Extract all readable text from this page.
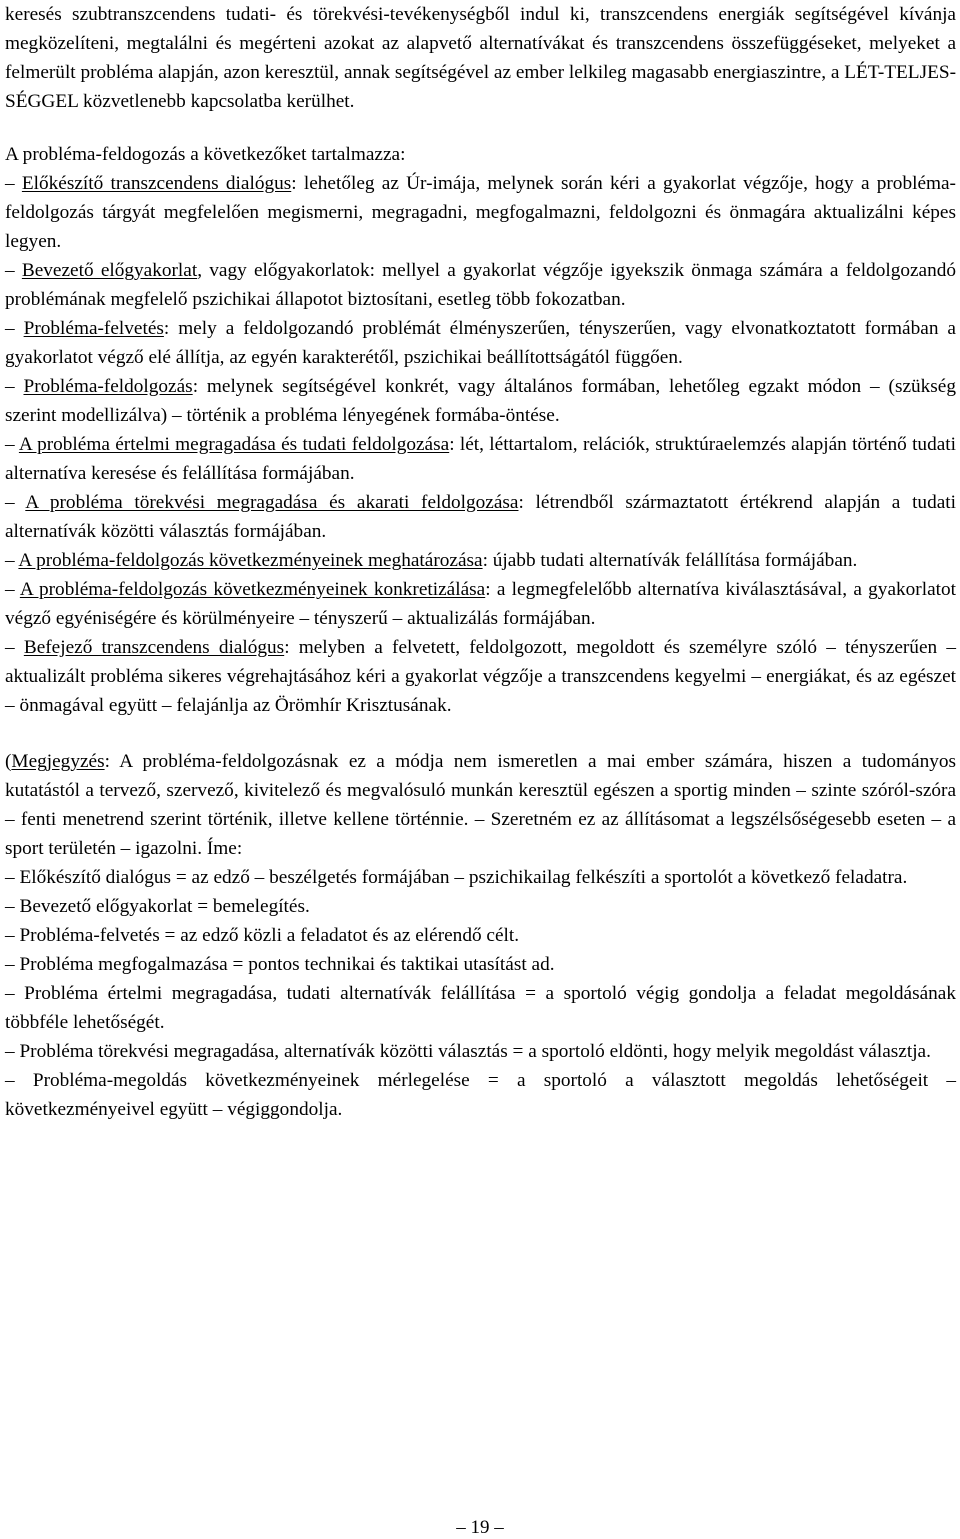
keresés szubtranszcendens tudati- és törekvési-tevékenységből indul ki, transzcendens energiák segítségével kívánja megközelíteni, megtalálni és megérteni azokat az alapvető alternatívákat és transzcendens összefüggéseket, melyeket a felmerült probléma alapján, azon keresztül, annak segítségével az ember lelkileg magasabb energiaszintre, a LÉT-TELJES-SÉGGEL közvetlenebb kapcsolatba kerülhet.

A probléma-feldogozás a következőket tartalmazza:

– Előkészítő transzcendens dialógus: lehetőleg az Úr-imája, melynek során kéri a gyakorlat végzője, hogy a probléma-feldolgozás tárgyát megfelelően megismerni, megragadni, megfogalmazni, feldolgozni és önmagára aktualizálni képes legyen.

– Bevezető előgyakorlat, vagy előgyakorlatok: mellyel a gyakorlat végzője igyekszik önmaga számára a feldolgozandó problémának megfelelő pszichikai állapotot biztosítani, esetleg több fokozatban.

– Probléma-felvetés: mely a feldolgozandó problémát élményszerűen, tényszerűen, vagy elvonatkoztatott formában a gyakorlatot végző elé állítja, az egyén karakterétől, pszichikai beállítottságától függően.

– Probléma-feldolgozás: melynek segítségével konkrét, vagy általános formában, lehetőleg egzakt módon – (szükség szerint modellizálva) – történik a probléma lényegének formába-öntése.

– A probléma értelmi megragadása és tudati feldolgozása: lét, léttartalom, relációk, struktúraelemzés alapján történő tudati alternatíva keresése és felállítása formájában.

– A probléma törekvési megragadása és akarati feldolgozása: létrendből származtatott értékrend alapján a tudati alternatívák közötti választás formájában.

– A probléma-feldolgozás következményeinek meghatározása: újabb tudati alternatívák felállítása formájában.

– A probléma-feldolgozás következményeinek konkretizálása: a legmegfelelőbb alternatíva kiválasztásával, a gyakorlatot végző egyéniségére és körülményeire – tényszerű – aktualizálás formájában.

– Befejező transzcendens dialógus: melyben a felvetett, feldolgozott, megoldott és személyre szóló – tényszerűen – aktualizált probléma sikeres végrehajtásához kéri a gyakorlat végzője a transzcendens kegyelmi – energiákat, és az egészet – önmagával együtt – felajánlja az Örömhír Krisztusának.

(Megjegyzés: A probléma-feldolgozásnak ez a módja nem ismeretlen a mai ember számára, hiszen a tudományos kutatástól a tervező, szervező, kivitelező és megvalósuló munkán keresztül egészen a sportig minden – szinte szóról-szóra – fenti menetrend szerint történik, illetve kellene történnie. – Szeretném ez az állításomat a legszélsőségesebb eseten – a sport területén – igazolni. Íme:

– Előkészítő dialógus = az edző – beszélgetés formájában – pszichikailag felkészíti a sportolót a következő feladatra.

– Bevezető előgyakorlat = bemelegítés.

– Probléma-felvetés = az edző közli a feladatot és az elérendő célt.

– Probléma megfogalmazása = pontos technikai és taktikai utasítást ad.

– Probléma értelmi megragadása, tudati alternatívák felállítása = a sportoló végig gondolja a feladat megoldásának többféle lehetőségét.

– Probléma törekvési megragadása, alternatívák közötti választás = a sportoló eldönti, hogy melyik megoldást választja.

– Probléma-megoldás következményeinek mérlegelése = a sportoló a választott megoldás lehetőségeit – következményeivel együtt – végiggondolja.

– 19 –
